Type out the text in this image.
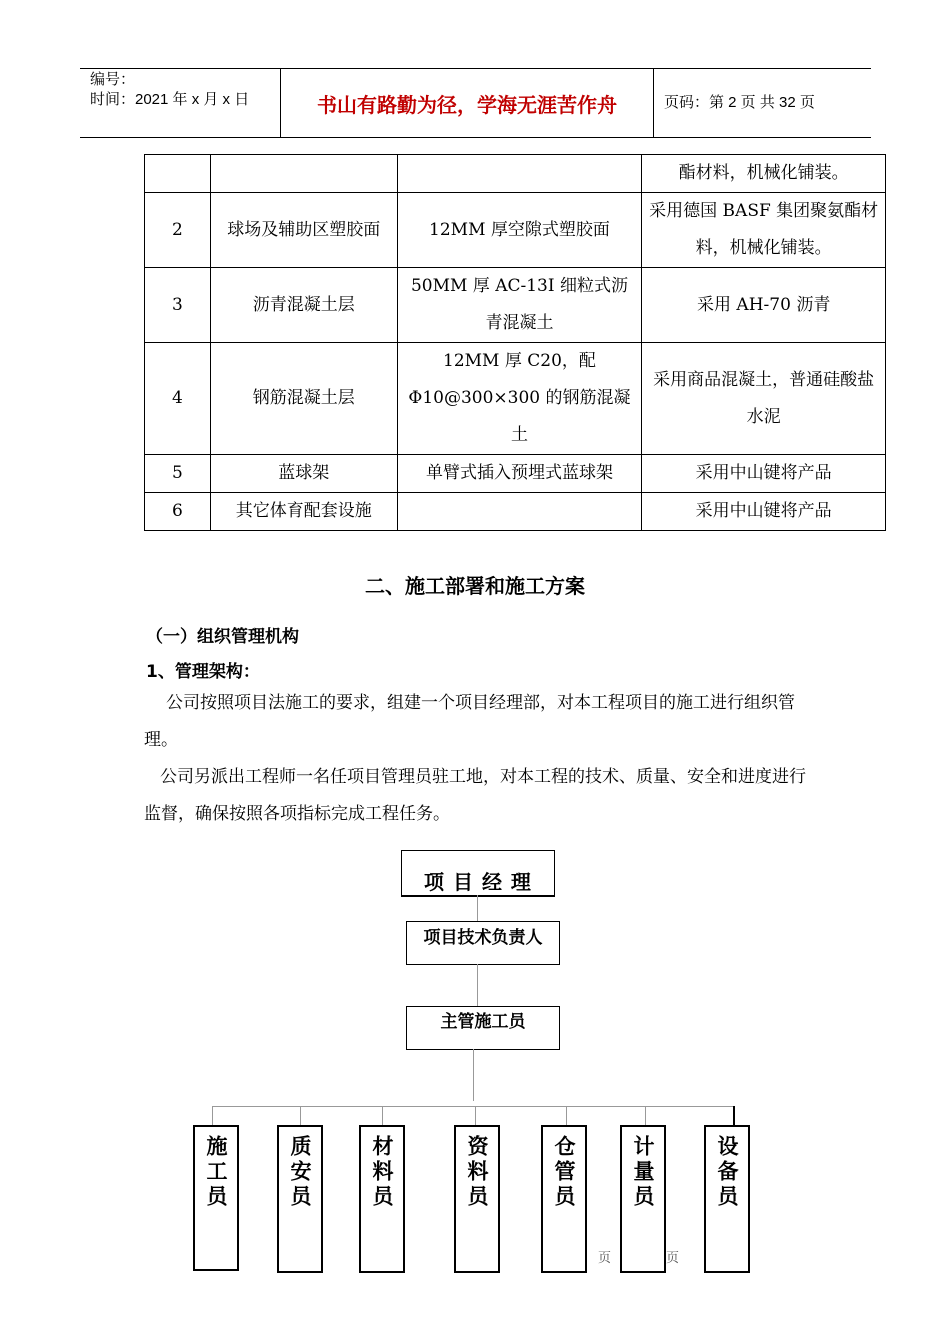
编号：
时间：2021 年 x 月 x 日	书山有路勤为径，学海无涯苦作舟	页码：第 2 页 共 32 页
			酯材料，机械化铺装。
2	球场及辅助区塑胶面	12MM 厚空隙式塑胶面	采用德国 BASF 集团聚氨酯材料，机械化铺装。
3	沥青混凝土层	50MM 厚 AC-13I 细粒式沥青混凝土	采用 AH-70 沥青
4	钢筋混凝土层	12MM 厚 C20，配Φ10@300×300 的钢筋混凝土	采用商品混凝土，普通硅酸盐水泥
5	蓝球架	单臂式插入预埋式蓝球架	采用中山键将产品
6	其它体育配套设施		采用中山键将产品
二、施工部署和施工方案
（一）组织管理机构
1、管理架构：
公司按照项目法施工的要求，组建一个项目经理部，对本工程项目的施工进行组织管理。
公司另派出工程师一名任项目管理员驻工地，对本工程的技术、质量、安全和进度进行监督，确保按照各项指标完成工程任务。
项 目 经 理
项目技术负责人
主管施工员
施工员	质安员	材料员	资料员	仓管员	计量员	设备员
页	页
